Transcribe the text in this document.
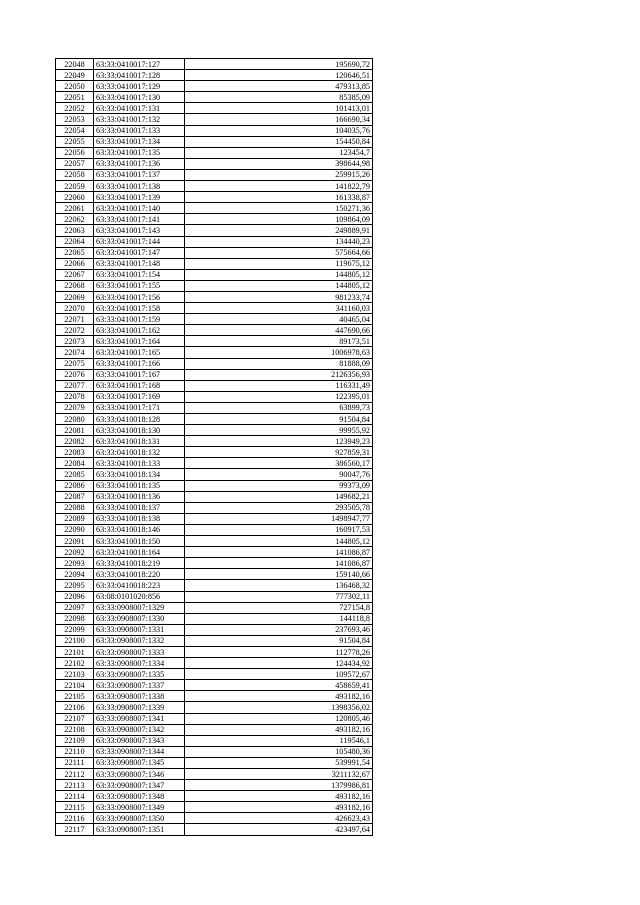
22048	63:33:0410017:127	195690,72
22049	63:33:0410017:128	120646,51
22050	63:33:0410017:129	479313,85
22051	63:33:0410017:130	85385,09
22052	63:33:0410017:131	101413,01
22053	63:33:0410017:132	166690,34
22054	63:33:0410017:133	104035,76
22055	63:33:0410017:134	154450,84
22056	63:33:0410017:135	123454,7
22057	63:33:0410017:136	398644,98
22058	63:33:0410017:137	259915,26
22059	63:33:0410017:138	141822,79
22060	63:33:0410017:139	161338,87
22061	63:33:0410017:140	150271,36
22062	63:33:0410017:141	109864,09
22063	63:33:0410017:143	249889,91
22064	63:33:0410017:144	134440,23
22065	63:33:0410017:147	575664,66
22066	63:33:0410017:148	119675,12
22067	63:33:0410017:154	144805,12
22068	63:33:0410017:155	144805,12
22069	63:33:0410017:156	981233,74
22070	63:33:0410017:158	341160,03
22071	63:33:0410017:159	40465,04
22072	63:33:0410017:162	447690,66
22073	63:33:0410017:164	89173,51
22074	63:33:0410017:165	1006978,63
22075	63:33:0410017:166	81888,09
22076	63:33:0410017:167	2126356,93
22077	63:33:0410017:168	116331,49
22078	63:33:0410017:169	122395,01
22079	63:33:0410017:171	63899,73
22080	63:33:0410018:128	91504,84
22081	63:33:0410018:130	99955,92
22082	63:33:0410018:131	123949,23
22083	63:33:0410018:132	927859,31
22084	63:33:0410018:133	386560,17
22085	63:33:0410018:134	90047,76
22086	63:33:0410018:135	99373,09
22087	63:33:0410018:136	149682,21
22088	63:33:0410018:137	293505,78
22089	63:33:0410018:138	1498947,77
22090	63:33:0410018:146	160917,53
22091	63:33:0410018:150	144805,12
22092	63:33:0410018:164	141086,87
22093	63:33:0410018:219	141086,87
22094	63:33:0410018:220	159140,66
22095	63:33:0410018:223	136468,32
22096	63:08:0101020:856	777302,11
22097	63:33:0908007:1329	727154,8
22098	63:33:0908007:1330	144118,8
22099	63:33:0908007:1331	237693,46
22100	63:33:0908007:1332	91504,84
22101	63:33:0908007:1333	112778,26
22102	63:33:0908007:1334	124434,92
22103	63:33:0908007:1335	109572,67
22104	63:33:0908007:1337	458659,41
22105	63:33:0908007:1338	493182,16
22106	63:33:0908007:1339	1398356,02
22107	63:33:0908007:1341	120805,46
22108	63:33:0908007:1342	493182,16
22109	63:33:0908007:1343	119546,1
22110	63:33:0908007:1344	105480,36
22111	63:33:0908007:1345	539991,54
22112	63:33:0908007:1346	3211132,67
22113	63:33:0908007:1347	1379986,81
22114	63:33:0908007:1348	493182,16
22115	63:33:0908007:1349	493182,16
22116	63:33:0908007:1350	426623,43
22117	63:33:0908007:1351	423497,64
